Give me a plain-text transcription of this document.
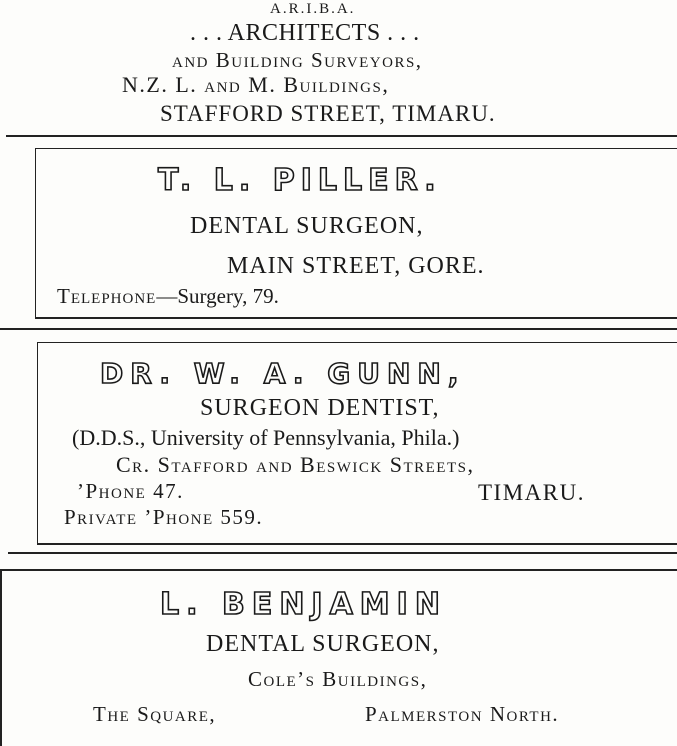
A.R.I.B.A.
. . . ARCHITECTS . . .
and Building Surveyors,
N.Z. L. and M. Buildings,
STAFFORD STREET, TIMARU.
T. L. PILLER.
DENTAL SURGEON,
MAIN STREET, GORE.
Telephone—Surgery, 79.
DR. W. A. GUNN,
SURGEON DENTIST,
(D.D.S., University of Pennsylvania, Phila.)
Cr. Stafford and Beswick Streets,
’Phone 47.	TIMARU.
Private ’Phone 559.
L. BENJAMIN
DENTAL SURGEON,
Cole’s Buildings,
The Square,	Palmerston North.
